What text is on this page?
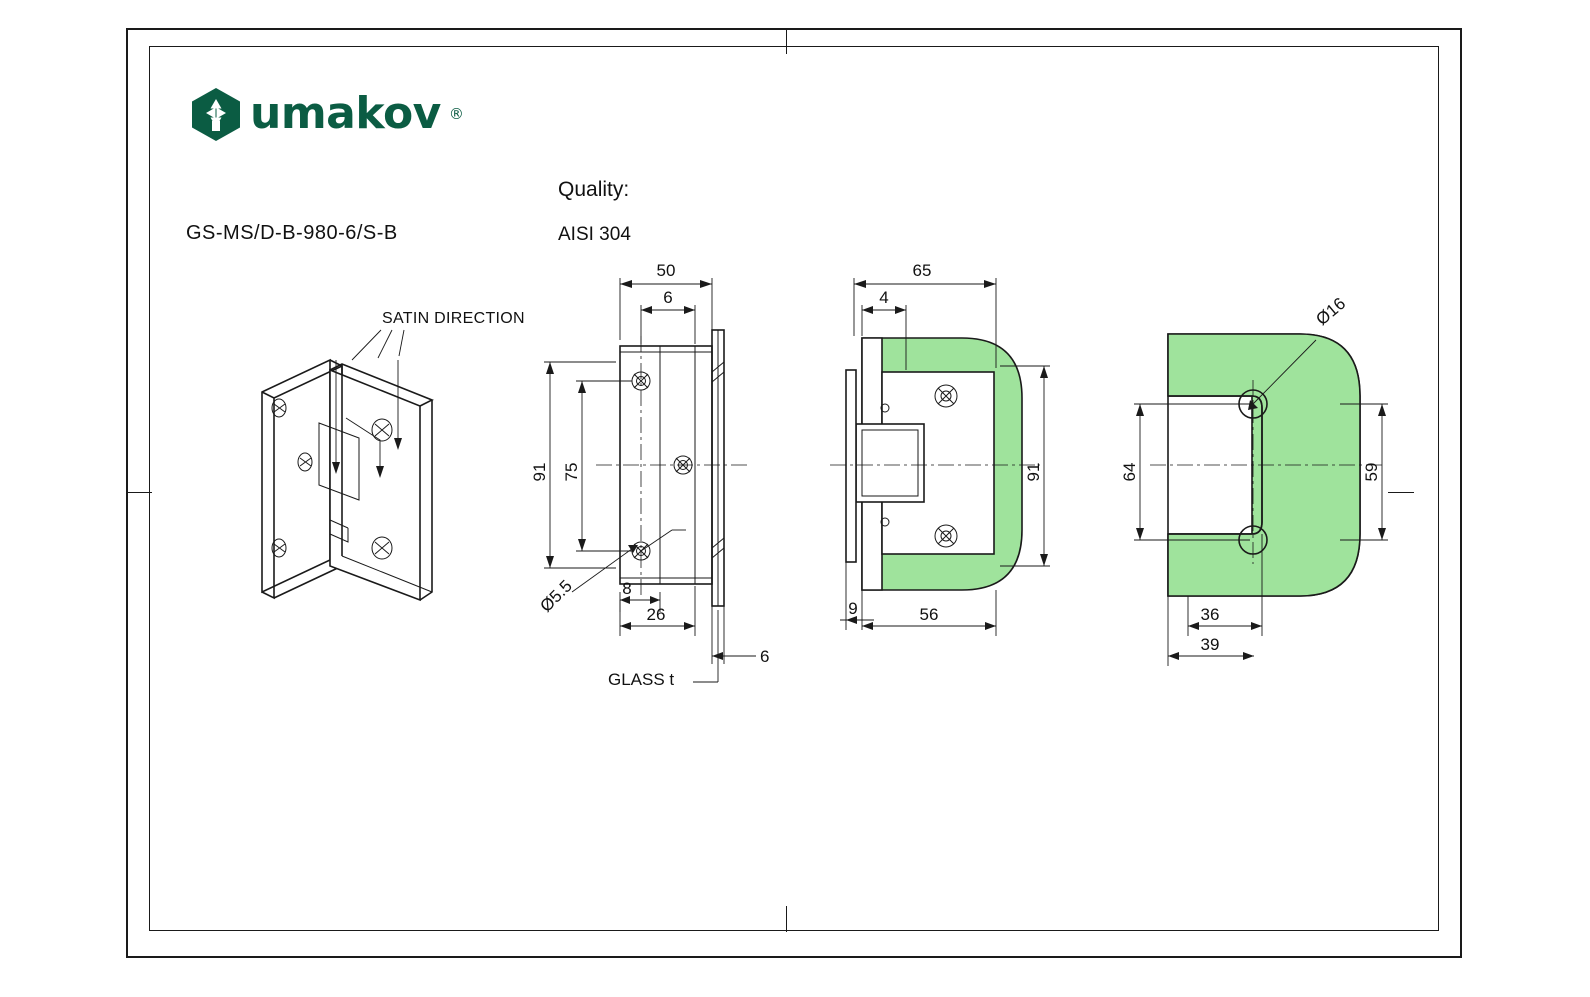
umakov ®
GS-MS/D-B-980-6/S-B
Quality:
AISI 304
SATIN DIRECTION
GLASS t
50
6
91 75
8
26
6
Ø5.5
65
4
91
9	56
Ø16
64	59
36
39
